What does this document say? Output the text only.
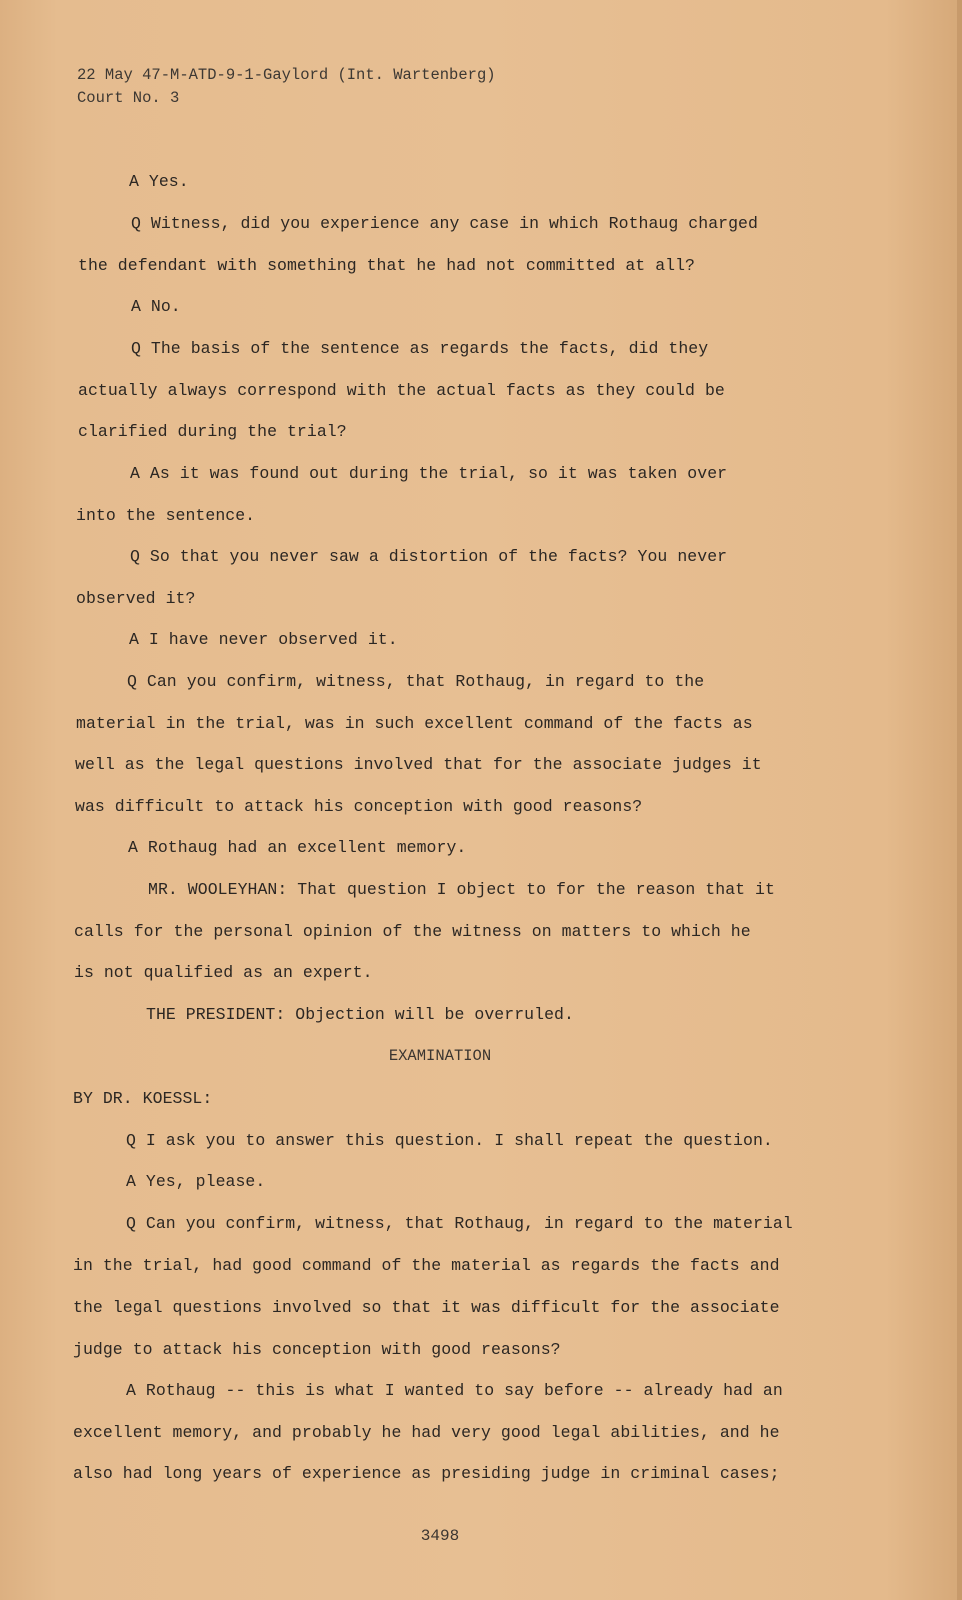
22 May 47-M-ATD-9-1-Gaylord (Int. Wartenberg)
Court No. 3
A Yes.
Q Witness, did you experience any case in which Rothaug charged
the defendant with something that he had not committed at all?
A No.
Q The basis of the sentence as regards the facts, did they
actually always correspond with the actual facts as they could be
clarified during the trial?
A As it was found out during the trial, so it was taken over
into the sentence.
Q So that you never saw a distortion of the facts? You never
observed it?
A I have never observed it.
Q Can you confirm, witness, that Rothaug, in regard to the
material in the trial, was in such excellent command of the facts as
well as the legal questions involved that for the associate judges it
was difficult to attack his conception with good reasons?
A Rothaug had an excellent memory.
MR. WOOLEYHAN: That question I object to for the reason that it
calls for the personal opinion of the witness on matters to which he
is not qualified as an expert.
THE PRESIDENT: Objection will be overruled.
EXAMINATION
BY DR. KOESSL:
Q I ask you to answer this question. I shall repeat the question.
A Yes, please.
Q Can you confirm, witness, that Rothaug, in regard to the material
in the trial, had good command of the material as regards the facts and
the legal questions involved so that it was difficult for the associate
judge to attack his conception with good reasons?
A Rothaug -- this is what I wanted to say before -- already had an
excellent memory, and probably he had very good legal abilities, and he
also had long years of experience as presiding judge in criminal cases;
3498
